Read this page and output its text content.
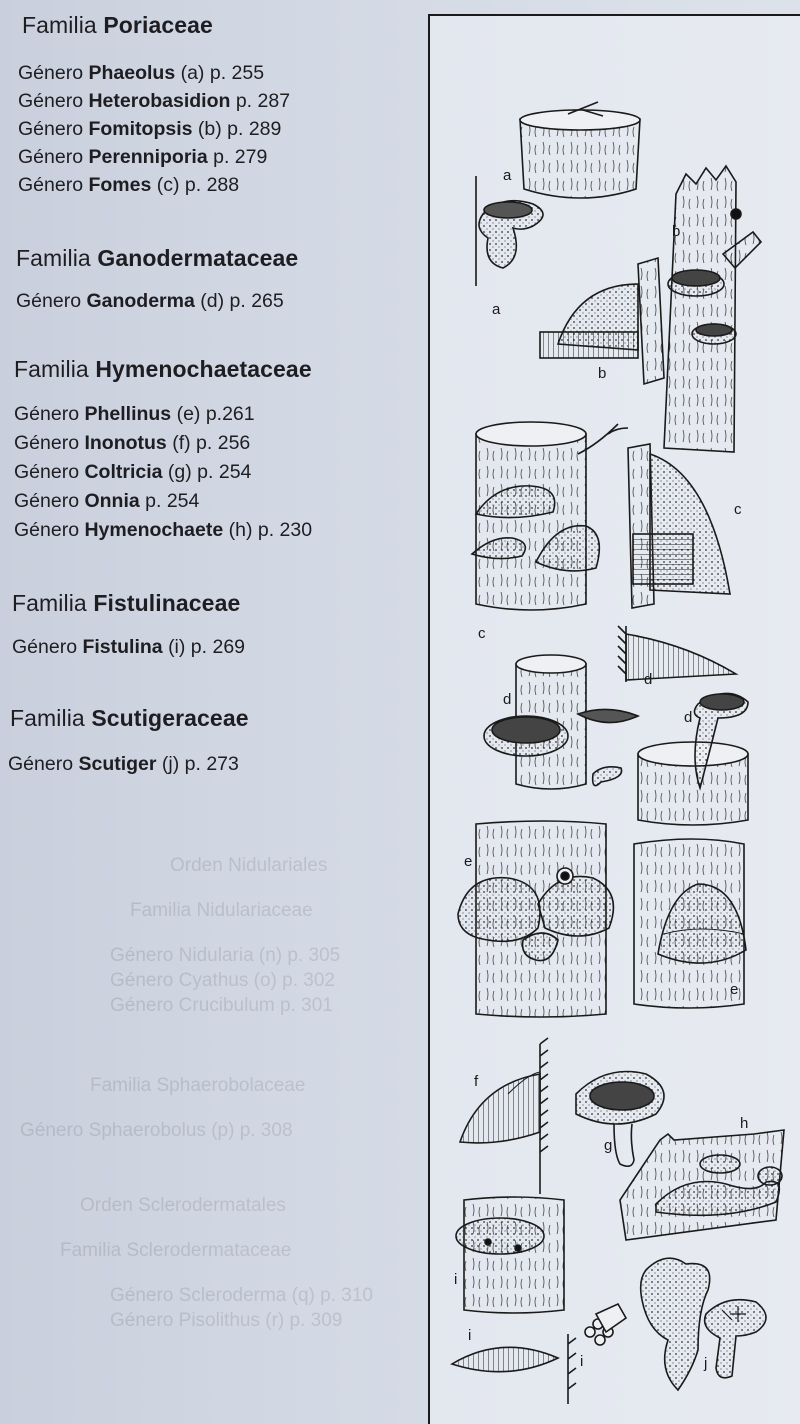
Orden Nidulariales
Familia Nidulariaceae
Género Nidularia (n) p. 305
Género Cyathus (o) p. 302
Género Crucibulum p. 301
Familia Sphaerobolaceae
Género Sphaerobolus (p) p. 308
Orden Sclerodermatales
Familia Sclerodermataceae
Género Scleroderma (q) p. 310
Género Pisolithus (r) p. 309
Familia Poriaceae
Género Phaeolus (a) p. 255
Género Heterobasidion p. 287
Género Fomitopsis (b) p. 289
Género Perenniporia p. 279
Género Fomes (c) p. 288
Familia Ganodermataceae
Género Ganoderma (d) p. 265
Familia Hymenochaetaceae
Género Phellinus (e) p.261
Género Inonotus (f) p. 256
Género Coltricia (g) p. 254
Género Onnia p. 254
Género Hymenochaete (h) p. 230
Familia Fistulinaceae
Género Fistulina (i) p. 269
Familia Scutigeraceae
Género Scutiger (j) p. 273
a
a
b
b
c
c
d
d
d
e
e
f
g
h
i
i
i	j
